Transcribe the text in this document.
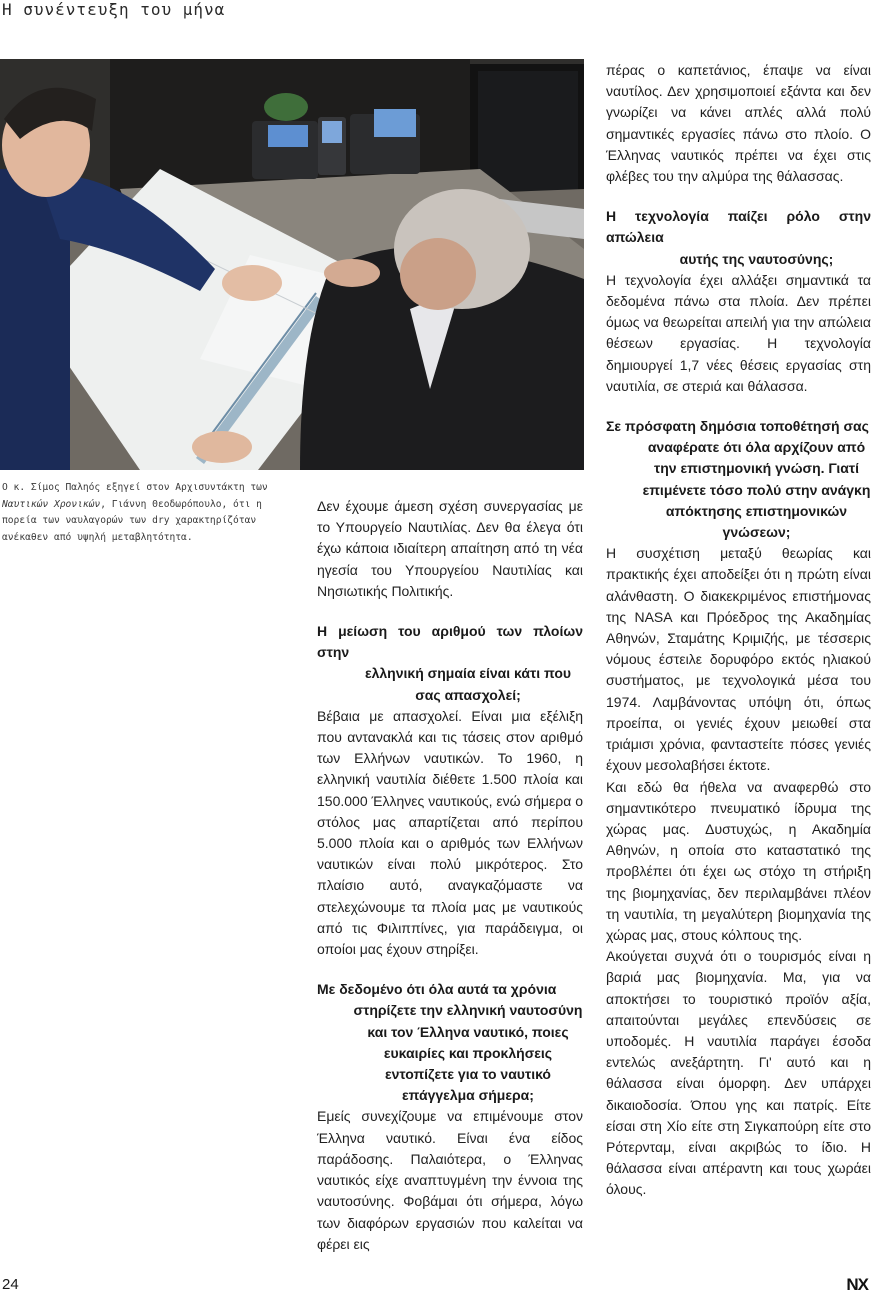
Η συνέντευξη του μήνα
Ο κ. Σίμος Παληός εξηγεί στον Αρχισυντάκτη των Ναυτικών Χρονικών, Γιάννη Θεοδωρόπουλο, ότι η πορεία των ναυλαγορών των dry χαρακτηρίζόταν ανέκαθεν από υψηλή μεταβλητότητα.

Δεν έχουμε άμεση σχέση συνεργασίας με το Υπουργείο Ναυτιλίας. Δεν θα έλεγα ότι έχω κάποια ιδιαίτερη απαίτηση από τη νέα ηγεσία του Υπουργείου Ναυτιλίας και Νησιωτικής Πολιτικής.

Η μείωση του αριθμού των πλοίων στην
ελληνική σημαία είναι κάτι που σας απασχολεί;

Βέβαια με απασχολεί. Είναι μια εξέλιξη που αντανακλά και τις τάσεις στον αριθμό των Ελλήνων ναυτικών. Το 1960, η ελληνική ναυτιλία διέθετε 1.500 πλοία και 150.000 Έλληνες ναυτικούς, ενώ σήμερα ο στόλος μας απαρτίζεται από περίπου 5.000 πλοία και ο αριθμός των Ελλήνων ναυτικών είναι πολύ μικρότερος. Στο πλαίσιο αυτό, αναγκαζόμαστε να στελεχώνουμε τα πλοία μας με ναυτικούς από τις Φιλιππίνες, για παράδειγμα, οι οποίοι μας έχουν στηρίξει.

Με δεδομένο ότι όλα αυτά τα χρόνια
στηρίζετε την ελληνική ναυτοσύνη και τον Έλληνα ναυτικό, ποιες ευκαιρίες και προκλήσεις εντοπίζετε για το ναυτικό επάγγελμα σήμερα;

Εμείς συνεχίζουμε να επιμένουμε στον Έλληνα ναυτικό. Είναι ένα είδος παράδοσης. Παλαιότερα, ο Έλληνας ναυτικός είχε αναπτυγμένη την έννοια της ναυτοσύνης. Φοβάμαι ότι σήμερα, λόγω των διαφόρων εργασιών που καλείται να φέρει εις

πέρας ο καπετάνιος, έπαψε να είναι ναυτίλος. Δεν χρησιμοποιεί εξάντα και δεν γνωρίζει να κάνει απλές αλλά πολύ σημαντικές εργασίες πάνω στο πλοίο. Ο Έλληνας ναυτικός πρέπει να έχει στις φλέβες του την αλμύρα της θάλασσας.

Η τεχνολογία παίζει ρόλο στην απώλεια
αυτής της ναυτοσύνης;

Η τεχνολογία έχει αλλάξει σημαντικά τα δεδομένα πάνω στα πλοία. Δεν πρέπει όμως να θεωρείται απειλή για την απώλεια θέσεων εργασίας. Η τεχνολογία δημιουργεί 1,7 νέες θέσεις εργασίας στη ναυτιλία, σε στεριά και θάλασσα.

Σε πρόσφατη δημόσια τοποθέτησή σας
αναφέρατε ότι όλα αρχίζουν από την επιστημονική γνώση. Γιατί επιμένετε τόσο πολύ στην ανάγκη απόκτησης επιστημονικών γνώσεων;

Η συσχέτιση μεταξύ θεωρίας και πρακτικής έχει αποδείξει ότι η πρώτη είναι αλάνθαστη. Ο διακεκριμένος επιστήμονας της NASA και Πρόεδρος της Ακαδημίας Αθηνών, Σταμάτης Κριμιζής, με τέσσερις νόμους έστειλε δορυφόρο εκτός ηλιακού συστήματος, με τεχνολογικά μέσα του 1974. Λαμβάνοντας υπόψη ότι, όπως προείπα, οι γενιές έχουν μειωθεί στα τριάμισι χρόνια, φανταστείτε πόσες γενιές έχουν μεσολαβήσει έκτοτε.

Και εδώ θα ήθελα να αναφερθώ στο σημαντικότερο πνευματικό ίδρυμα της χώρας μας. Δυστυχώς, η Ακαδημία Αθηνών, η οποία στο καταστατικό της προβλέπει ότι έχει ως στόχο τη στήριξη της βιομηχανίας, δεν περιλαμβάνει πλέον τη ναυτιλία, τη μεγαλύτερη βιομηχανία της χώρας μας, στους κόλπους της.

Ακούγεται συχνά ότι ο τουρισμός είναι η βαριά μας βιομηχανία. Μα, για να αποκτήσει το τουριστικό προϊόν αξία, απαιτούνται μεγάλες επενδύσεις σε υποδομές. Η ναυτιλία παράγει έσοδα εντελώς ανεξάρτητη. Γι' αυτό και η θάλασσα είναι όμορφη. Δεν υπάρχει δικαιοδοσία. Όπου γης και πατρίς. Είτε είσαι στη Χίο είτε στη Σιγκαπούρη είτε στο Ρότερνταμ, είναι ακριβώς το ίδιο. Η θάλασσα είναι απέραντη και τους χωράει όλους.

24	NX
